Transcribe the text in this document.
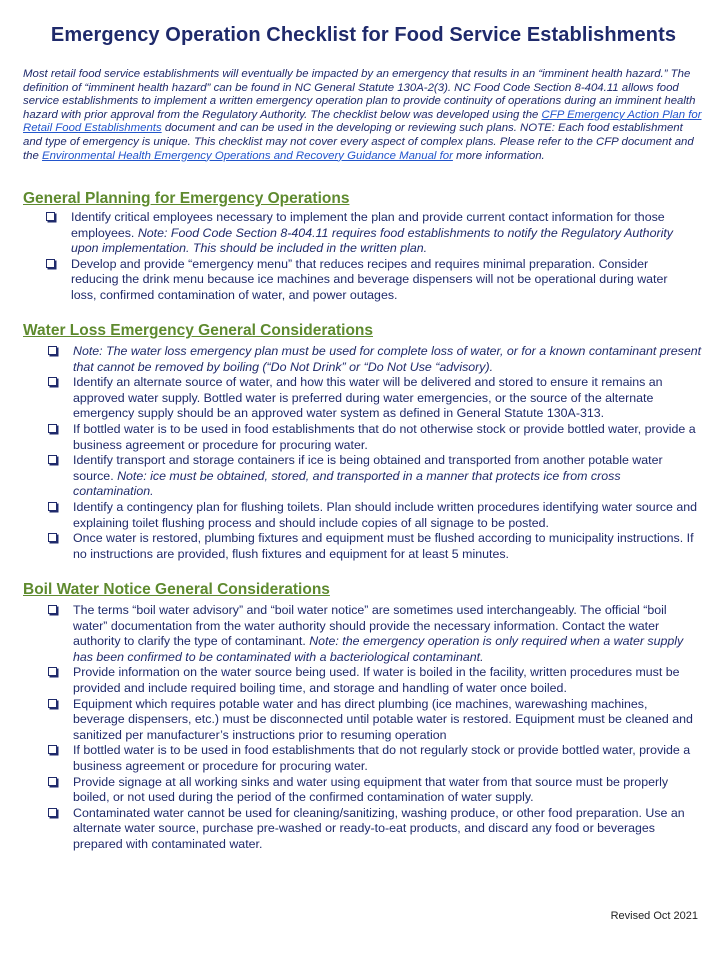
Emergency Operation Checklist for Food Service Establishments
Most retail food service establishments will eventually be impacted by an emergency that results in an “imminent health hazard.” The definition of “imminent health hazard” can be found in NC General Statute 130A-2(3). NC Food Code Section 8-404.11 allows food service establishments to implement a written emergency operation plan to provide continuity of operations during an imminent health hazard with prior approval from the Regulatory Authority. The checklist below was developed using the CFP Emergency Action Plan for Retail Food Establishments document and can be used in the developing or reviewing such plans. NOTE: Each food establishment and type of emergency is unique. This checklist may not cover every aspect of complex plans. Please refer to the CFP document and the Environmental Health Emergency Operations and Recovery Guidance Manual for more information.
General Planning for Emergency Operations
Identify critical employees necessary to implement the plan and provide current contact information for those employees. Note: Food Code Section 8-404.11 requires food establishments to notify the Regulatory Authority upon implementation. This should be included in the written plan.
Develop and provide “emergency menu” that reduces recipes and requires minimal preparation. Consider reducing the drink menu because ice machines and beverage dispensers will not be operational during water loss, confirmed contamination of water, and power outages.
Water Loss Emergency General Considerations
Note: The water loss emergency plan must be used for complete loss of water, or for a known contaminant present that cannot be removed by boiling (“Do Not Drink” or “Do Not Use “advisory).
Identify an alternate source of water, and how this water will be delivered and stored to ensure it remains an approved water supply. Bottled water is preferred during water emergencies, or the source of the alternate emergency supply should be an approved water system as defined in General Statute 130A-313.
If bottled water is to be used in food establishments that do not otherwise stock or provide bottled water, provide a business agreement or procedure for procuring water.
Identify transport and storage containers if ice is being obtained and transported from another potable water source. Note: ice must be obtained, stored, and transported in a manner that protects ice from cross contamination.
Identify a contingency plan for flushing toilets. Plan should include written procedures identifying water source and explaining toilet flushing process and should include copies of all signage to be posted.
Once water is restored, plumbing fixtures and equipment must be flushed according to municipality instructions. If no instructions are provided, flush fixtures and equipment for at least 5 minutes.
Boil Water Notice General Considerations
The terms “boil water advisory” and “boil water notice” are sometimes used interchangeably. The official “boil water” documentation from the water authority should provide the necessary information. Contact the water authority to clarify the type of contaminant. Note: the emergency operation is only required when a water supply has been confirmed to be contaminated with a bacteriological contaminant.
Provide information on the water source being used. If water is boiled in the facility, written procedures must be provided and include required boiling time, and storage and handling of water once boiled.
Equipment which requires potable water and has direct plumbing (ice machines, warewashing machines, beverage dispensers, etc.) must be disconnected until potable water is restored. Equipment must be cleaned and sanitized per manufacturer’s instructions prior to resuming operation
If bottled water is to be used in food establishments that do not regularly stock or provide bottled water, provide a business agreement or procedure for procuring water.
Provide signage at all working sinks and water using equipment that water from that source must be properly boiled, or not used during the period of the confirmed contamination of water supply.
Contaminated water cannot be used for cleaning/sanitizing, washing produce, or other food preparation. Use an alternate water source, purchase pre-washed or ready-to-eat products, and discard any food or beverages prepared with contaminated water.
Revised Oct 2021
